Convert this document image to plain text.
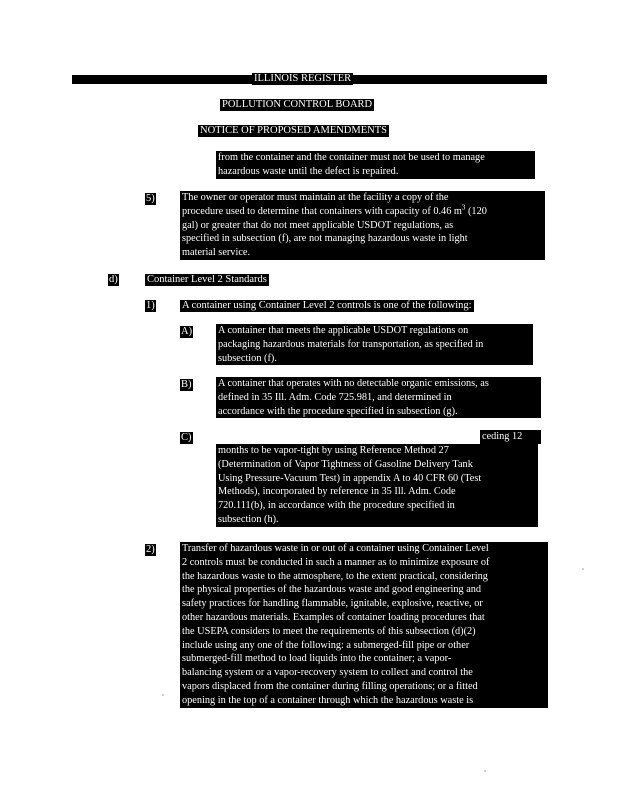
ILLINOIS REGISTER
POLLUTION CONTROL BOARD
NOTICE OF PROPOSED AMENDMENTS
from the container and the container must not be used to manage
hazardous waste until the defect is repaired.
5)	The owner or operator must maintain at the facility a copy of the
procedure used to determine that containers with capacity of 0.46 $m^3$ (120
gal) or greater that do not meet applicable USDOT regulations, as
specified in subsection (f), are not managing hazardous waste in light
material service.
d)	Container Level 2 Standards
1)	A container using Container Level 2 controls is one of the following:
A)	A container that meets the applicable USDOT regulations on
packaging hazardous materials for transportation, as specified in
subsection (f).
B)	A container that operates with no detectable organic emissions, as
defined in 35 Ill. Adm. Code 725.981, and determined in
accordance with the procedure specified in subsection (g).
C)	ceding 12
months to be vapor-tight by using Reference Method 27
(Determination of Vapor Tightness of Gasoline Delivery Tank
Using Pressure-Vacuum Test) in appendix A to 40 CFR 60 (Test
Methods), incorporated by reference in 35 Ill. Adm. Code
720.111(b), in accordance with the procedure specified in
subsection (h).
2)	Transfer of hazardous waste in or out of a container using Container Level
2 controls must be conducted in such a manner as to minimize exposure of
the hazardous waste to the atmosphere, to the extent practical, considering
the physical properties of the hazardous waste and good engineering and
safety practices for handling flammable, ignitable, explosive, reactive, or
other hazardous materials. Examples of container loading procedures that
the USEPA considers to meet the requirements of this subsection (d)(2)
include using any one of the following: a submerged-fill pipe or other
submerged-fill method to load liquids into the container; a vapor-
balancing system or a vapor-recovery system to collect and control the
vapors displaced from the container during filling operations; or a fitted
opening in the top of a container through which the hazardous waste is
